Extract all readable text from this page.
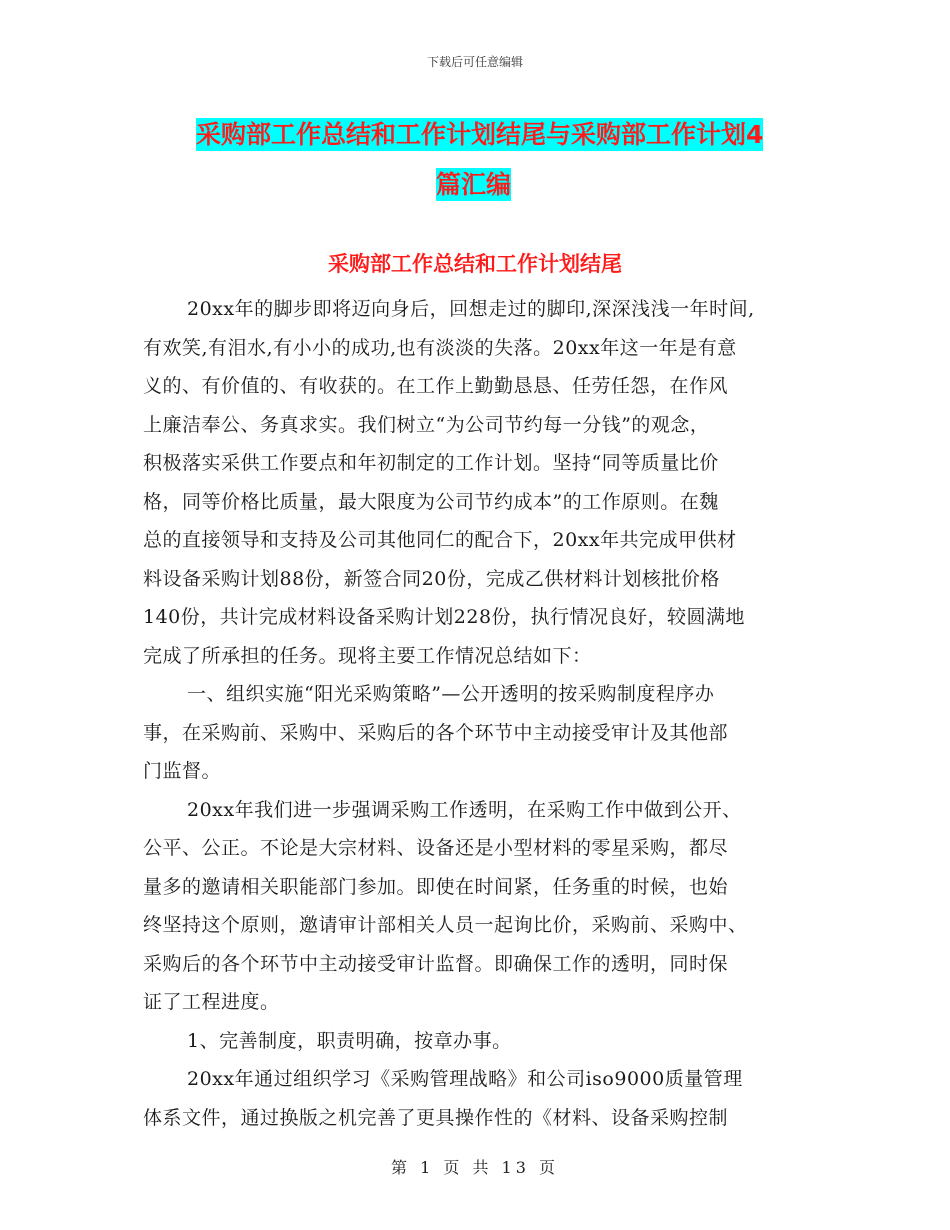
下载后可任意编辑
采购部工作总结和工作计划结尾与采购部工作计划4
篇汇编
采购部工作总结和工作计划结尾
20xx年的脚步即将迈向身后，回想走过的脚印,深深浅浅一年时间,
有欢笑,有泪水,有小小的成功,也有淡淡的失落。20xx年这一年是有意
义的、有价值的、有收获的。在工作上勤勤恳恳、任劳任怨，在作风
上廉洁奉公、务真求实。我们树立“为公司节约每一分钱”的观念，
积极落实采供工作要点和年初制定的工作计划。坚持“同等质量比价
格，同等价格比质量，最大限度为公司节约成本”的工作原则。在魏
总的直接领导和支持及公司其他同仁的配合下，20xx年共完成甲供材
料设备采购计划88份，新签合同20份，完成乙供材料计划核批价格
140份，共计完成材料设备采购计划228份，执行情况良好，较圆满地
完成了所承担的任务。现将主要工作情况总结如下：
一、组织实施“阳光采购策略”—公开透明的按采购制度程序办
事，在采购前、采购中、采购后的各个环节中主动接受审计及其他部
门监督。
20xx年我们进一步强调采购工作透明，在采购工作中做到公开、
公平、公正。不论是大宗材料、设备还是小型材料的零星采购，都尽
量多的邀请相关职能部门参加。即使在时间紧，任务重的时候，也始
终坚持这个原则，邀请审计部相关人员一起询比价，采购前、采购中、
采购后的各个环节中主动接受审计监督。即确保工作的透明，同时保
证了工程进度。
1、完善制度，职责明确，按章办事。
20xx年通过组织学习《采购管理战略》和公司iso9000质量管理
体系文件，通过换版之机完善了更具操作性的《材料、设备采购控制
第 1 页 共 13 页
